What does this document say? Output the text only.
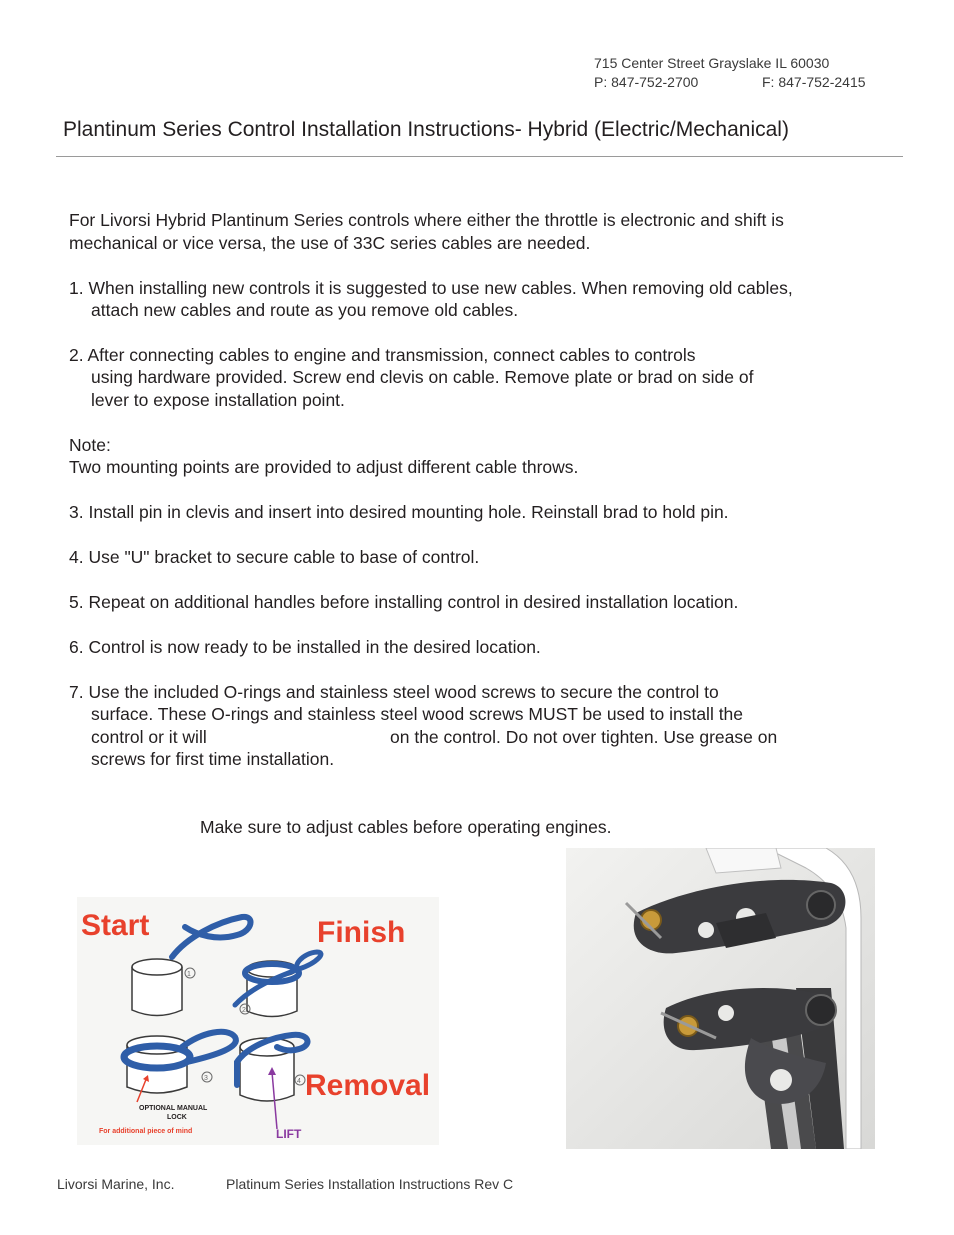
715 Center Street Grayslake IL 60030
P: 847-752-2700	F: 847-752-2415
Plantinum Series Control Installation Instructions- Hybrid (Electric/Mechanical)
For Livorsi Hybrid Plantinum Series controls where either the throttle is electronic and shift is
mechanical or vice versa, the use of 33C series cables are needed.
1. When installing new controls it is suggested to use new cables. When removing old cables,
attach new cables and route as you remove old cables.
2. After connecting cables to engine and transmission, connect cables to controls
using hardware provided. Screw end clevis on cable. Remove plate or brad on side of
lever to expose installation point.
Note:
Two mounting points are provided to adjust different cable throws.
3. Install pin in clevis and insert into desired mounting hole. Reinstall brad to hold pin.
4. Use "U" bracket to secure cable to base of control.
5. Repeat on additional handles before installing control in desired installation location.
6. Control is now ready to be installed in the desired location.
7. Use the included O-rings and stainless steel wood screws to secure the control to
surface. These O-rings and stainless steel wood screws MUST be used to install the
control or it will	on the control. Do not over tighten. Use grease on
screws for first time installation.
Make sure to adjust cables before operating engines.
Start	Finish
Removal
1
2
3	4
OPTIONAL MANUAL
LOCK
For additional piece of mind	LIFT
Livorsi Marine, Inc.	Platinum Series Installation Instructions Rev C
